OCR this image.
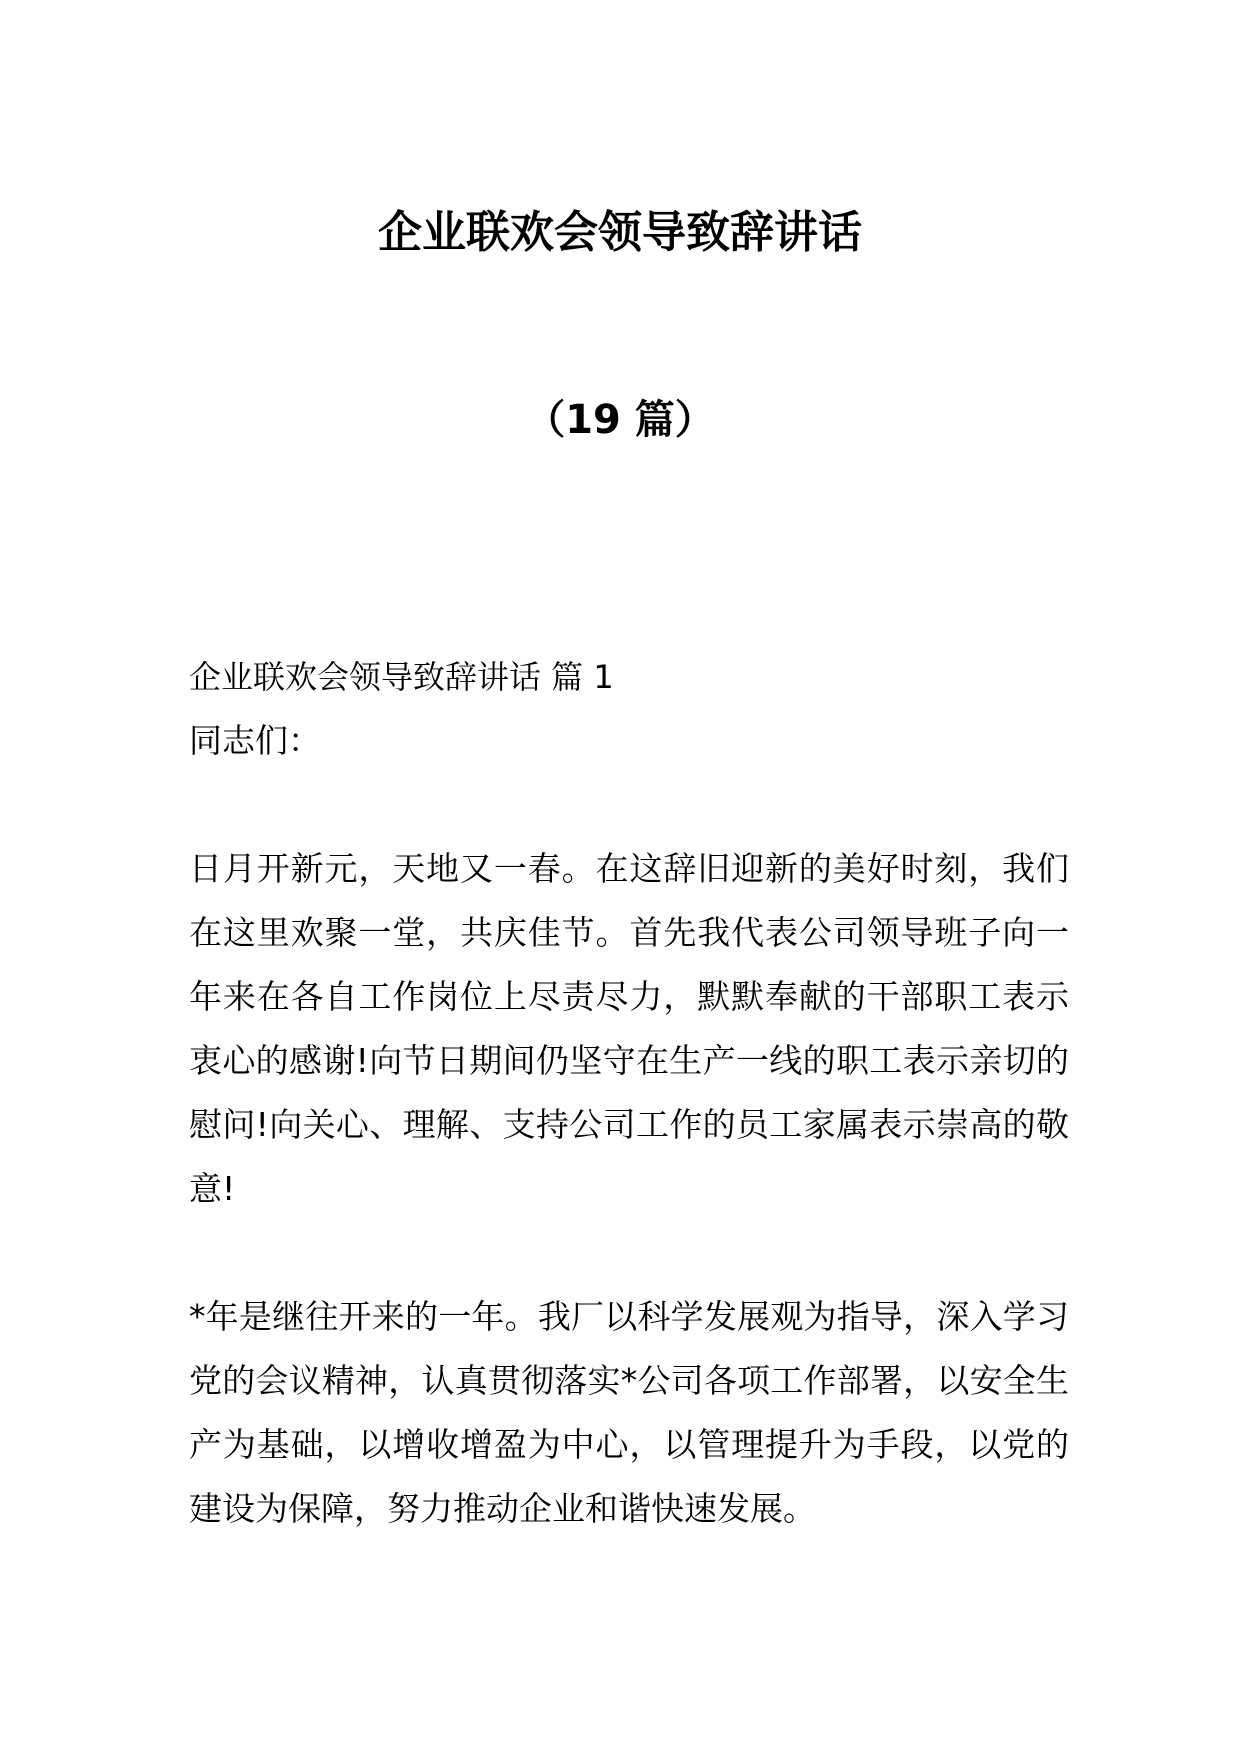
企业联欢会领导致辞讲话
（19 篇）

企业联欢会领导致辞讲话 篇 1

同志们：

日月开新元，天地又一春。在这辞旧迎新的美好时刻，我们在这里欢聚一堂，共庆佳节。首先我代表公司领导班子向一年来在各自工作岗位上尽责尽力，默默奉献的干部职工表示衷心的感谢!向节日期间仍坚守在生产一线的职工表示亲切的慰问!向关心、理解、支持公司工作的员工家属表示崇高的敬意!

*年是继往开来的一年。我厂以科学发展观为指导，深入学习党的会议精神，认真贯彻落实*公司各项工作部署，以安全生产为基础，以增收增盈为中心，以管理提升为手段，以党的建设为保障，努力推动企业和谐快速发展。
